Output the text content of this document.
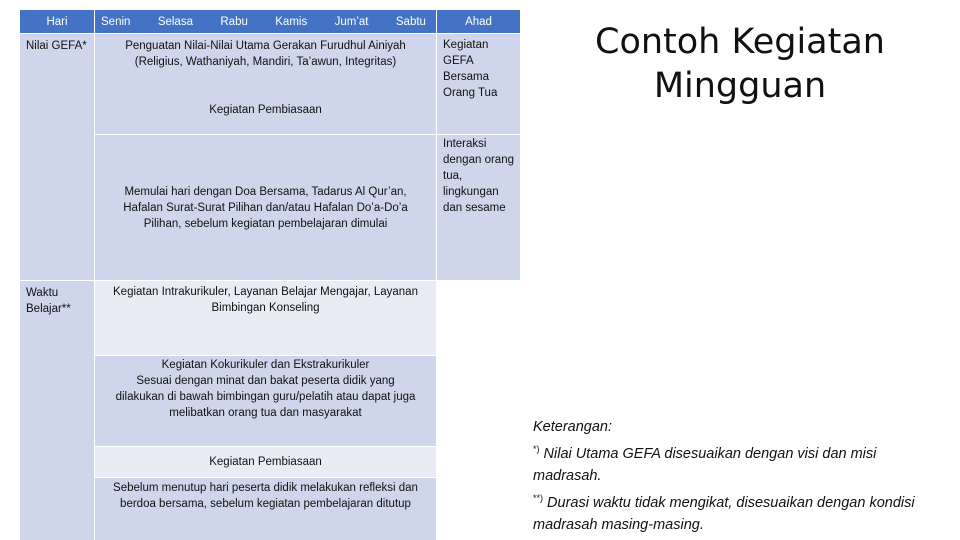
Hari	Senin Selasa Rabu Kamis Jum’at Sabtu	Ahad
Nilai GEFA*
Waktu Belajar**
Penguatan Nilai-Nilai Utama Gerakan Furudhul Ainiyah
(Religius, Wathaniyah, Mandiri, Ta’awun, Integritas)
Kegiatan Pembiasaan
Memulai hari dengan Doa Bersama, Tadarus Al Qur’an, Hafalan Surat-Surat Pilihan dan/atau Hafalan Do’a-Do’a Pilihan, sebelum kegiatan pembelajaran dimulai
Kegiatan Intrakurikuler, Layanan Belajar Mengajar, Layanan Bimbingan Konseling
Kegiatan Kokurikuler dan Ekstrakurikuler
Sesuai dengan minat dan bakat peserta didik yang dilakukan di bawah bimbingan guru/pelatih atau dapat juga melibatkan orang tua dan masyarakat
Kegiatan Pembiasaan
Sebelum menutup hari peserta didik melakukan refleksi dan berdoa bersama, sebelum kegiatan pembelajaran ditutup
Kegiatan GEFA Bersama Orang Tua
Interaksi dengan orang tua, lingkungan dan sesame
Contoh Kegiatan Mingguan
Keterangan:
*) Nilai Utama GEFA disesuaikan dengan visi dan misi madrasah.
**) Durasi waktu tidak mengikat, disesuaikan dengan kondisi madrasah masing-masing.
